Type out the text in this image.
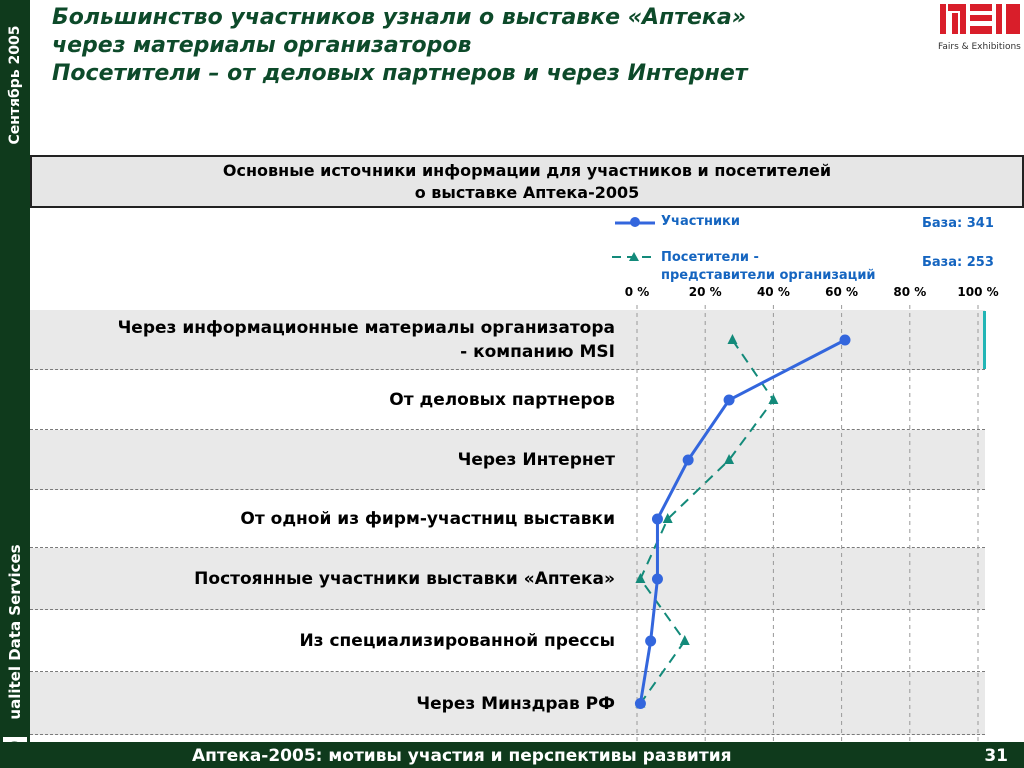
Сентябрь 2005
ualitel Data Services
Большинство участников узнали о выставке «Аптека»
через материалы организаторов
Посетители – от деловых партнеров и через Интернет
Fairs & Exhibitions
Основные источники информации для участников и посетителей
о выставке Аптека-2005
Участники
Посетители -
представители организаций
База: 341
База: 253
0 %	20 %	40 %	60 %	80 %	100 %
Через информационные материалы организатора
- компанию MSI
От деловых партнеров
Через Интернет
От одной из фирм-участниц выставки
Постоянные участники выставки «Аптека»
Из специализированной прессы
Через Минздрав РФ
Аптека-2005: мотивы участия и перспективы развития	31
